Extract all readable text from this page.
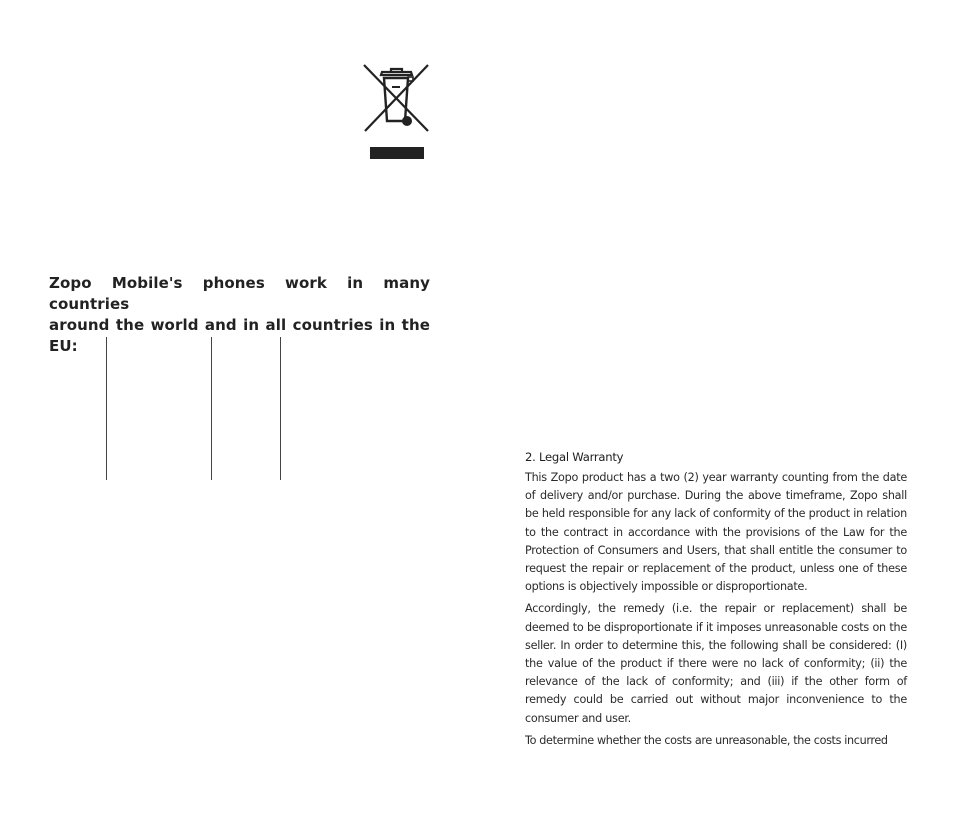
Zopo Mobile's phones work in many countries
around the world and in all countries in the EU:
2. Legal Warranty

This Zopo product has a two (2) year warranty counting from the date of delivery and/or purchase. During the above timeframe, Zopo shall be held responsible for any lack of conformity of the product in relation to the contract in accordance with the provisions of the Law for the Protection of Consumers and Users, that shall entitle the consumer to request the repair or replacement of the product, unless one of these options is objectively impossible or disproportionate.

Accordingly, the remedy (i.e. the repair or replacement) shall be deemed to be disproportionate if it imposes unreasonable costs on the seller. In order to determine this, the following shall be considered: (I) the value of the product if there were no lack of conformity; (ii) the relevance of the lack of conformity; and (iii) if the other form of remedy could be carried out without major inconvenience to the consumer and user.

To determine whether the costs are unreasonable, the costs incurred
